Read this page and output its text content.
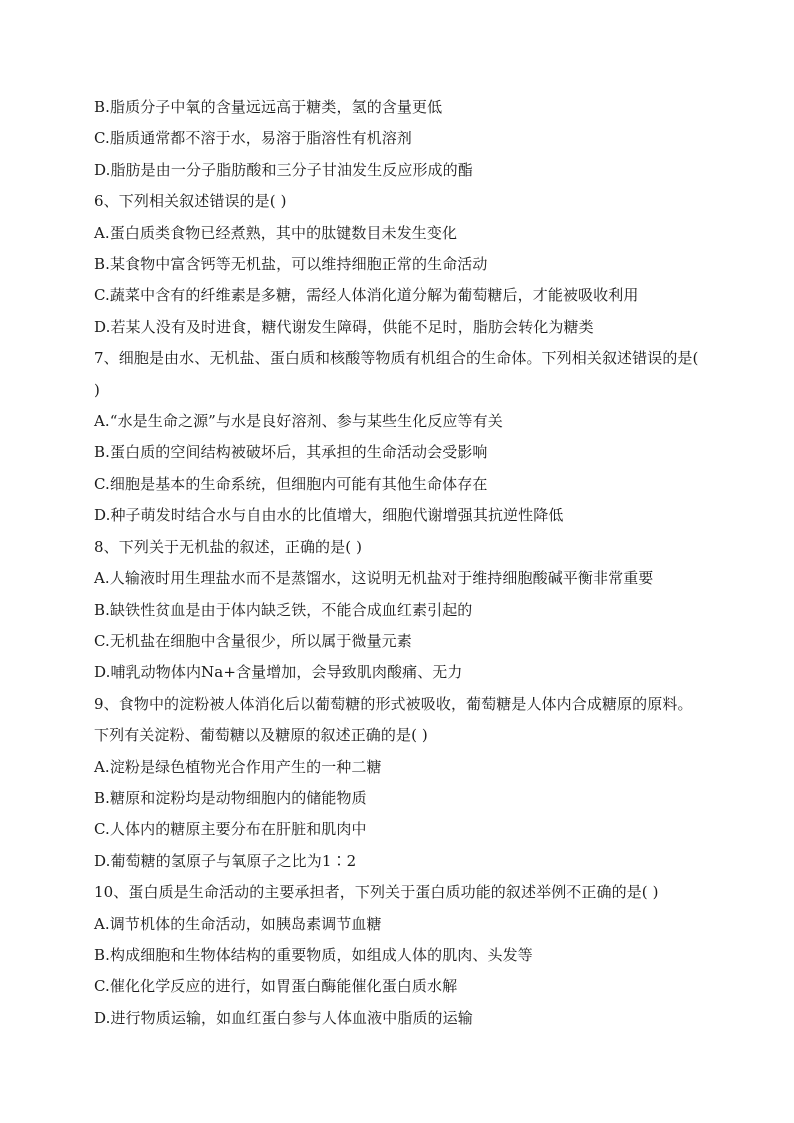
B.脂质分子中氧的含量远远高于糖类，氢的含量更低
C.脂质通常都不溶于水，易溶于脂溶性有机溶剂
D.脂肪是由一分子脂肪酸和三分子甘油发生反应形成的酯

6、下列相关叙述错误的是( )

A.蛋白质类食物已经煮熟，其中的肽键数目未发生变化
B.某食物中富含钙等无机盐，可以维持细胞正常的生命活动
C.蔬菜中含有的纤维素是多糖，需经人体消化道分解为葡萄糖后，才能被吸收利用
D.若某人没有及时进食，糖代谢发生障碍，供能不足时，脂肪会转化为糖类

7、细胞是由水、无机盐、蛋白质和核酸等物质有机组合的生命体。下列相关叙述错误的是( )

A.“水是生命之源”与水是良好溶剂、参与某些生化反应等有关
B.蛋白质的空间结构被破坏后，其承担的生命活动会受影响
C.细胞是基本的生命系统，但细胞内可能有其他生命体存在
D.种子萌发时结合水与自由水的比值增大，细胞代谢增强其抗逆性降低

8、下列关于无机盐的叙述，正确的是( )

A.人输液时用生理盐水而不是蒸馏水，这说明无机盐对于维持细胞酸碱平衡非常重要
B.缺铁性贫血是由于体内缺乏铁，不能合成血红素引起的
C.无机盐在细胞中含量很少，所以属于微量元素
D.哺乳动物体内Na+含量增加，会导致肌肉酸痛、无力

9、食物中的淀粉被人体消化后以葡萄糖的形式被吸收，葡萄糖是人体内合成糖原的原料。下列有关淀粉、葡萄糖以及糖原的叙述正确的是( )

A.淀粉是绿色植物光合作用产生的一种二糖
B.糖原和淀粉均是动物细胞内的储能物质
C.人体内的糖原主要分布在肝脏和肌肉中
D.葡萄糖的氢原子与氧原子之比为1∶2

10、蛋白质是生命活动的主要承担者，下列关于蛋白质功能的叙述举例不正确的是( )

A.调节机体的生命活动，如胰岛素调节血糖
B.构成细胞和生物体结构的重要物质，如组成人体的肌肉、头发等
C.催化化学反应的进行，如胃蛋白酶能催化蛋白质水解
D.进行物质运输，如血红蛋白参与人体血液中脂质的运输
